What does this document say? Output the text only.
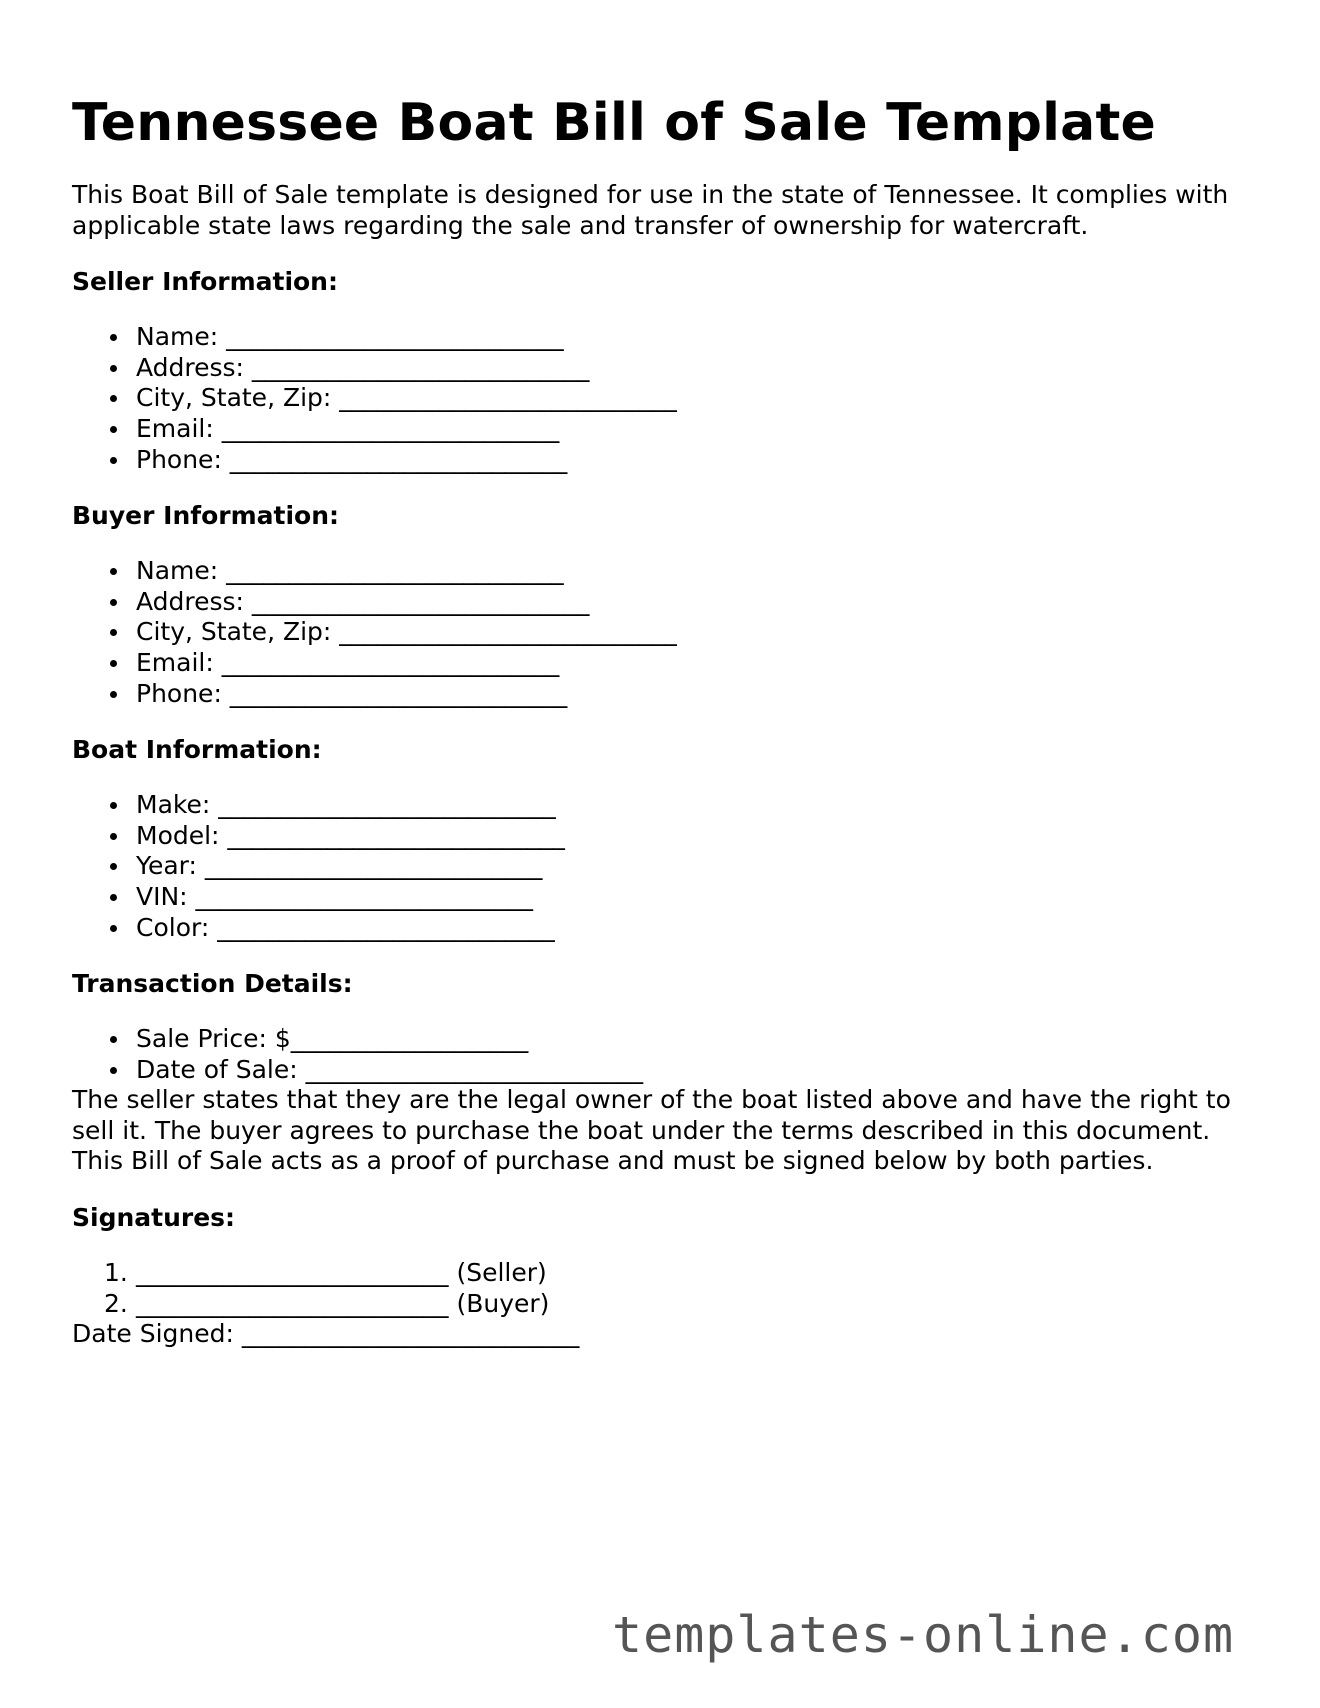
Tennessee Boat Bill of Sale Template

This Boat Bill of Sale template is designed for use in the state of Tennessee. It complies with applicable state laws regarding the sale and transfer of ownership for watercraft.

Seller Information:
Name: ___________________________
Address: ___________________________
City, State, Zip: ___________________________
Email: ___________________________
Phone: ___________________________
Buyer Information:
Name: ___________________________
Address: ___________________________
City, State, Zip: ___________________________
Email: ___________________________
Phone: ___________________________
Boat Information:
Make: ___________________________
Model: ___________________________
Year: ___________________________
VIN: ___________________________
Color: ___________________________
Transaction Details:
Sale Price: $___________________
Date of Sale: ___________________________

The seller states that they are the legal owner of the boat listed above and have the right to sell it. The buyer agrees to purchase the boat under the terms described in this document. This Bill of Sale acts as a proof of purchase and must be signed below by both parties.

Signatures:
1. _________________________ (Seller)
2. _________________________ (Buyer)

Date Signed: ___________________________

templates-online.com
